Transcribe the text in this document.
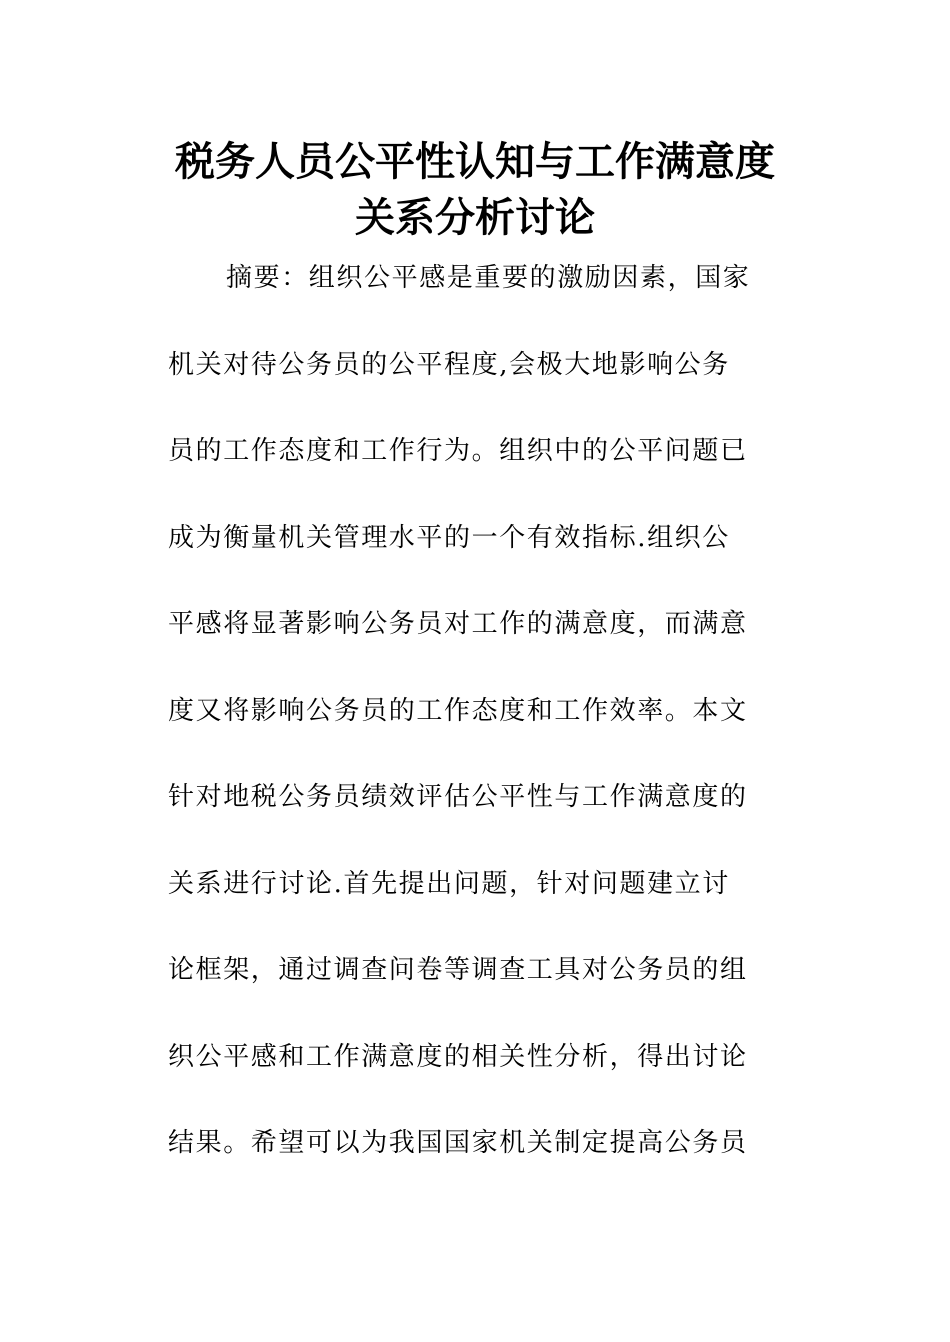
税务人员公平性认知与工作满意度
关系分析讨论
摘要：组织公平感是重要的激励因素，国家
机关对待公务员的公平程度,会极大地影响公务
员的工作态度和工作行为。组织中的公平问题已
成为衡量机关管理水平的一个有效指标.组织公
平感将显著影响公务员对工作的满意度，而满意
度又将影响公务员的工作态度和工作效率。本文
针对地税公务员绩效评估公平性与工作满意度的
关系进行讨论.首先提出问题，针对问题建立讨
论框架，通过调查问卷等调查工具对公务员的组
织公平感和工作满意度的相关性分析，得出讨论
结果。希望可以为我国国家机关制定提高公务员
